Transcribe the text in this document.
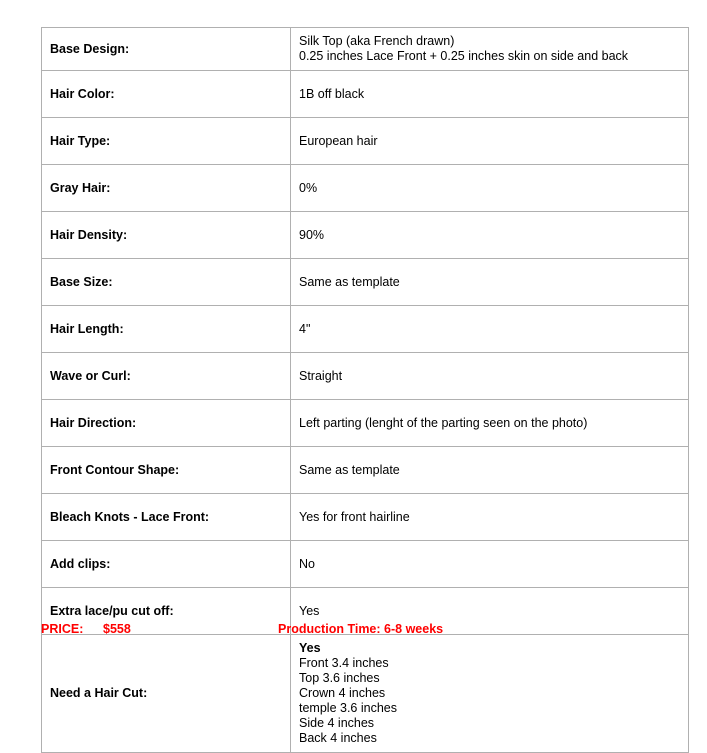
Base Design:	Silk Top (aka French drawn)
0.25 inches Lace Front + 0.25 inches skin on side and back

Hair Color:	1B off black

Hair Type:	European hair

Gray Hair:	0%

Hair Density:	90%

Base Size:	Same as template

Hair Length:	4"

Wave or Curl:	Straight

Hair Direction:	Left parting (lenght of the parting seen on the photo)

Front Contour Shape:	Same as template

Bleach Knots - Lace Front:	Yes for front hairline

Add clips:	No

Extra lace/pu cut off:	Yes

Need a Hair Cut:	
Yes
Front 3.4 inches
Top 3.6 inches
Crown 4 inches
temple 3.6 inches
Side 4 inches
Back 4 inches
PRICE: $558	Production Time: 6-8 weeks
